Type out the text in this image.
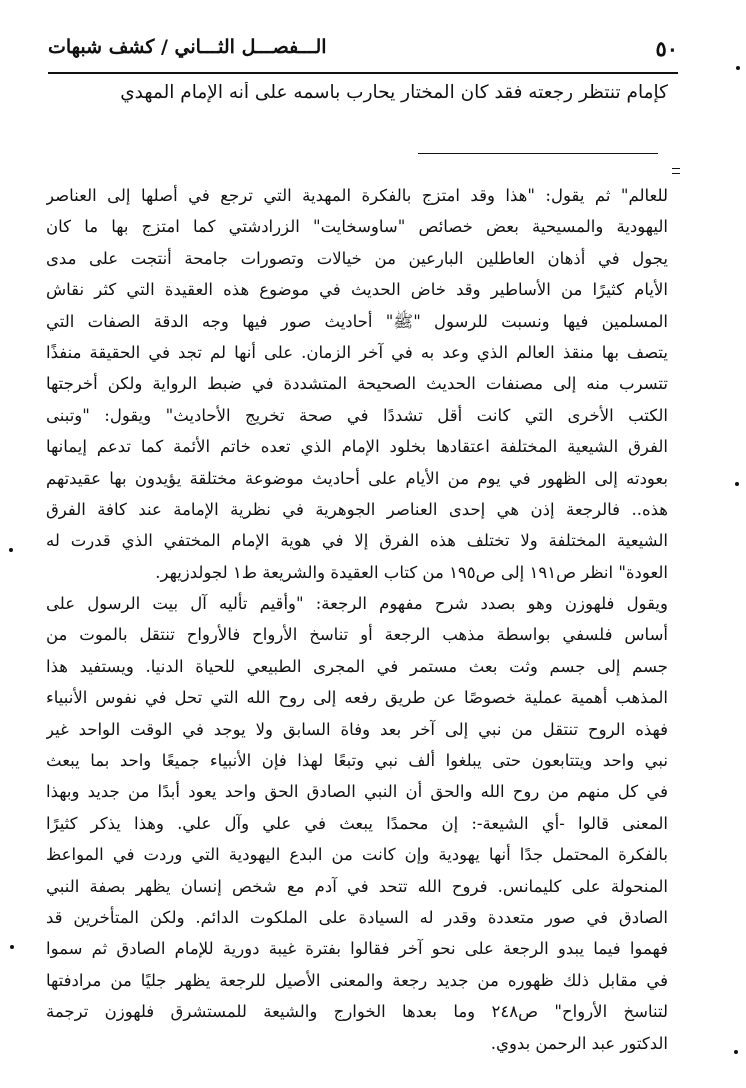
٥٠
الـــفصـــل الثـــاني / كشف شبهات
كإمام تنتظر رجعته فقد كان المختار يحارب باسمه على أنه الإمام المهدي
للعالم" ثم يقول: "هذا وقد امتزج بالفكرة المهدية التي ترجع في أصلها إلى العناصر
اليهودية والمسيحية بعض خصائص "ساوسخايت" الزرادشتي كما امتزج بها ما كان
يجول في أذهان العاطلين البارعين من خيالات وتصورات جامحة أنتجت على مدى
الأيام كثيرًا من الأساطير وقد خاض الحديث في موضوع هذه العقيدة التي كثر نقاش
المسلمين فيها ونسبت للرسول "ﷺ" أحاديث صور فيها وجه الدقة الصفات التي
يتصف بها منقذ العالم الذي وعد به في آخر الزمان. على أنها لم تجد في الحقيقة منفذًا
تتسرب منه إلى مصنفات الحديث الصحيحة المتشددة في ضبط الرواية ولكن أخرجتها
الكتب الأخرى التي كانت أقل تشددًا في صحة تخريج الأحاديث" ويقول: "وتبنى
الفرق الشيعية المختلفة اعتقادها بخلود الإمام الذي تعده خاتم الأئمة كما تدعم إيمانها
بعودته إلى الظهور في يوم من الأيام على أحاديث موضوعة مختلقة يؤيدون بها عقيدتهم
هذه.. فالرجعة إذن هي إحدى العناصر الجوهرية في نظرية الإمامة عند كافة الفرق
الشيعية المختلفة ولا تختلف هذه الفرق إلا في هوية الإمام المختفي الذي قدرت له
العودة" انظر ص١٩١ إلى ص١٩٥ من كتاب العقيدة والشريعة ط١ لجولدزيهر.
ويقول فلهوزن وهو بصدد شرح مفهوم الرجعة: "وأقيم تأليه آل بيت الرسول على
أساس فلسفي بواسطة مذهب الرجعة أو تناسخ الأرواح فالأرواح تنتقل بالموت من
جسم إلى جسم وثت بعث مستمر في المجرى الطبيعي للحياة الدنيا. ويستفيد هذا
المذهب أهمية عملية خصوصًا عن طريق رفعه إلى روح الله التي تحل في نفوس الأنبياء
فهذه الروح تنتقل من نبي إلى آخر بعد وفاة السابق ولا يوجد في الوقت الواحد غير
نبي واحد ويتتابعون حتى يبلغوا ألف نبي وتبعًا لهذا فإن الأنبياء جميعًا واحد بما يبعث
في كل منهم من روح الله والحق أن النبي الصادق الحق واحد يعود أبدًا من جديد وبهذا
المعنى قالوا -أي الشيعة-: إن محمدًا يبعث في علي وآل علي. وهذا يذكر كثيرًا
بالفكرة المحتمل جدًا أنها يهودية وإن كانت من البدع اليهودية التي وردت في المواعظ
المنحولة على كليمانس. فروح الله تتحد في آدم مع شخص إنسان يظهر بصفة النبي
الصادق في صور متعددة وقدر له السيادة على الملكوت الدائم. ولكن المتأخرين قد
فهموا فيما يبدو الرجعة على نحو آخر فقالوا بفترة غيبة دورية للإمام الصادق ثم سموا
في مقابل ذلك ظهوره من جديد رجعة والمعنى الأصيل للرجعة يظهر جليًا من مرادفتها
لتناسخ الأرواح" ص٢٤٨ وما بعدها الخوارج والشيعة للمستشرق فلهوزن ترجمة
الدكتور عبد الرحمن بدوي.
